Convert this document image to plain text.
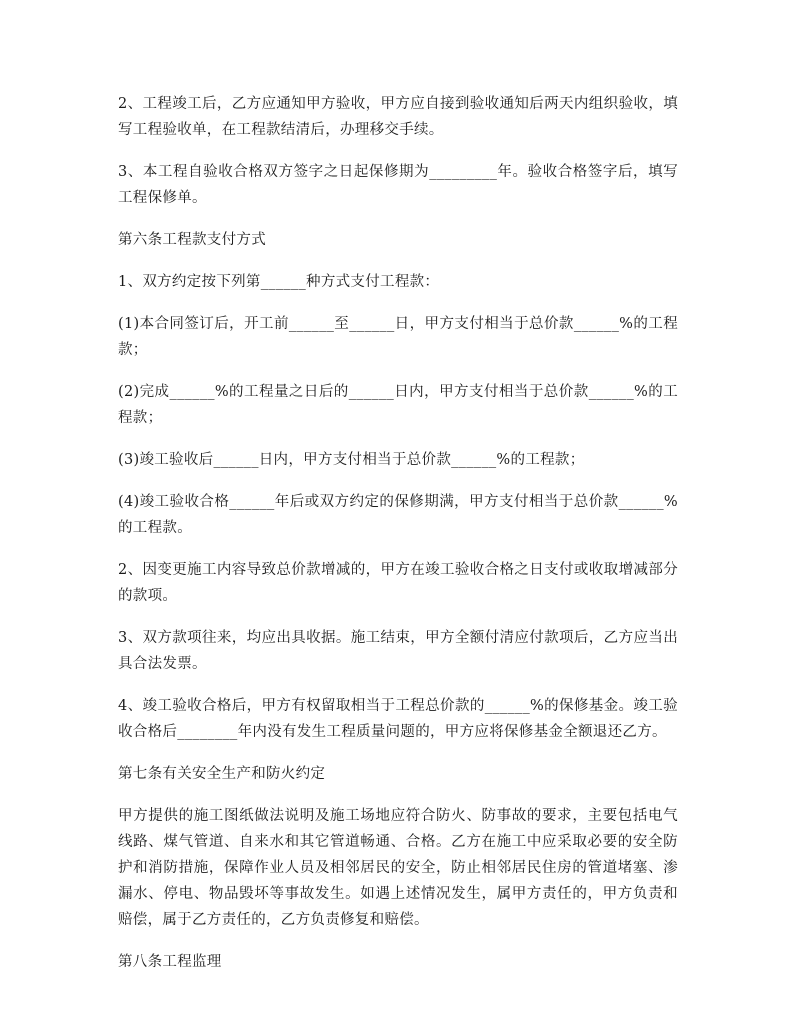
2、工程竣工后，乙方应通知甲方验收，甲方应自接到验收通知后两天内组织验收，填写工程验收单，在工程款结清后，办理移交手续。

3、本工程自验收合格双方签字之日起保修期为_________年。验收合格签字后，填写工程保修单。

第六条工程款支付方式

1、双方约定按下列第______种方式支付工程款：

(1)本合同签订后，开工前______至______日，甲方支付相当于总价款______%的工程款；

(2)完成______%的工程量之日后的______日内，甲方支付相当于总价款______%的工程款；

(3)竣工验收后______日内，甲方支付相当于总价款______%的工程款；

(4)竣工验收合格______年后或双方约定的保修期满，甲方支付相当于总价款______%的工程款。

2、因变更施工内容导致总价款增减的，甲方在竣工验收合格之日支付或收取增减部分的款项。

3、双方款项往来，均应出具收据。施工结束，甲方全额付清应付款项后，乙方应当出具合法发票。

4、竣工验收合格后，甲方有权留取相当于工程总价款的______%的保修基金。竣工验收合格后________年内没有发生工程质量问题的，甲方应将保修基金全额退还乙方。

第七条有关安全生产和防火约定

甲方提供的施工图纸做法说明及施工场地应符合防火、防事故的要求，主要包括电气线路、煤气管道、自来水和其它管道畅通、合格。乙方在施工中应采取必要的安全防护和消防措施，保障作业人员及相邻居民的安全，防止相邻居民住房的管道堵塞、渗漏水、停电、物品毁坏等事故发生。如遇上述情况发生，属甲方责任的，甲方负责和赔偿，属于乙方责任的，乙方负责修复和赔偿。

第八条工程监理
